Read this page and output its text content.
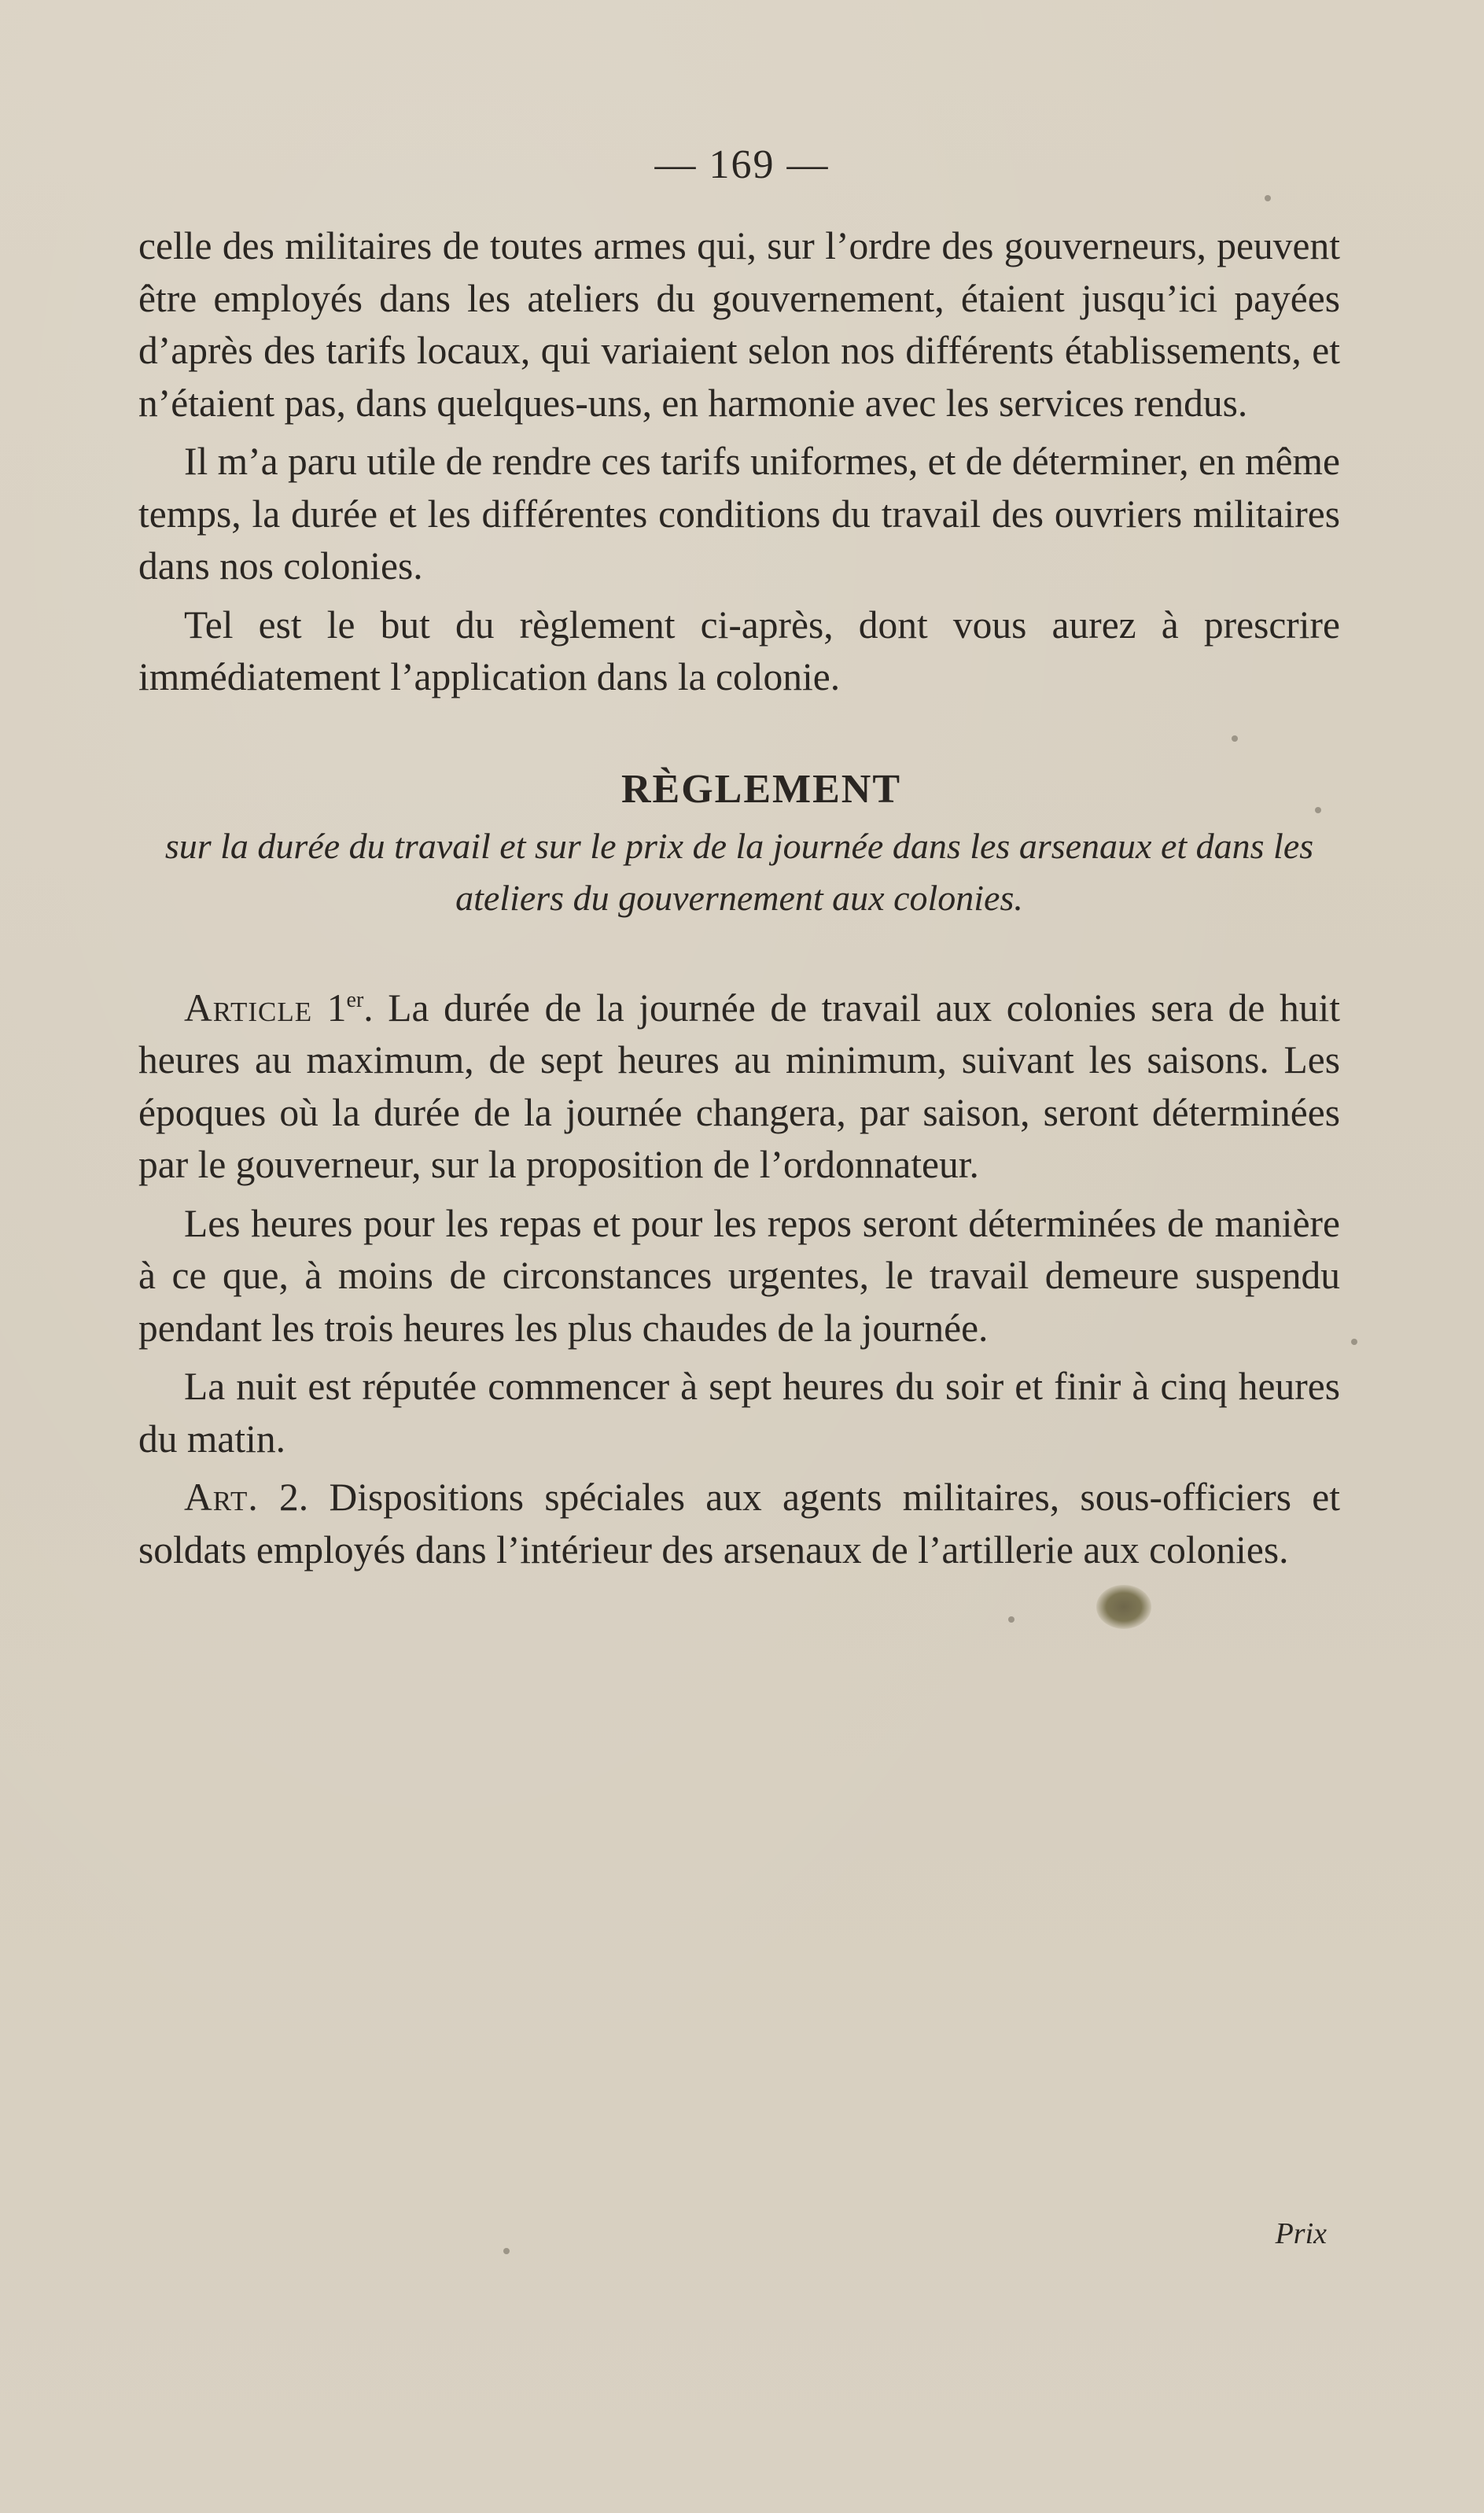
— 169 —

celle des militaires de toutes armes qui, sur l’ordre des gouverneurs, peuvent être employés dans les ateliers du gouvernement, étaient jusqu’ici payées d’après des tarifs locaux, qui variaient selon nos différents établissements, et n’étaient pas, dans quelques-uns, en harmonie avec les services rendus.

Il m’a paru utile de rendre ces tarifs uniformes, et de déterminer, en même temps, la durée et les différentes conditions du travail des ouvriers militaires dans nos colonies.

Tel est le but du règlement ci-après, dont vous aurez à prescrire immédiatement l’application dans la colonie.

RÈGLEMENT

sur la durée du travail et sur le prix de la journée dans les arsenaux et dans les ateliers du gouvernement aux colonies.

Article 1er. La durée de la journée de travail aux colonies sera de huit heures au maximum, de sept heures au minimum, suivant les saisons. Les époques où la durée de la journée changera, par saison, seront déterminées par le gouverneur, sur la proposition de l’ordonnateur.

Les heures pour les repas et pour les repos seront déterminées de manière à ce que, à moins de circonstances urgentes, le travail demeure suspendu pendant les trois heures les plus chaudes de la journée.

La nuit est réputée commencer à sept heures du soir et finir à cinq heures du matin.

Art. 2. Dispositions spéciales aux agents militaires, sous-officiers et soldats employés dans l’intérieur des arsenaux de l’artillerie aux colonies.

Prix
